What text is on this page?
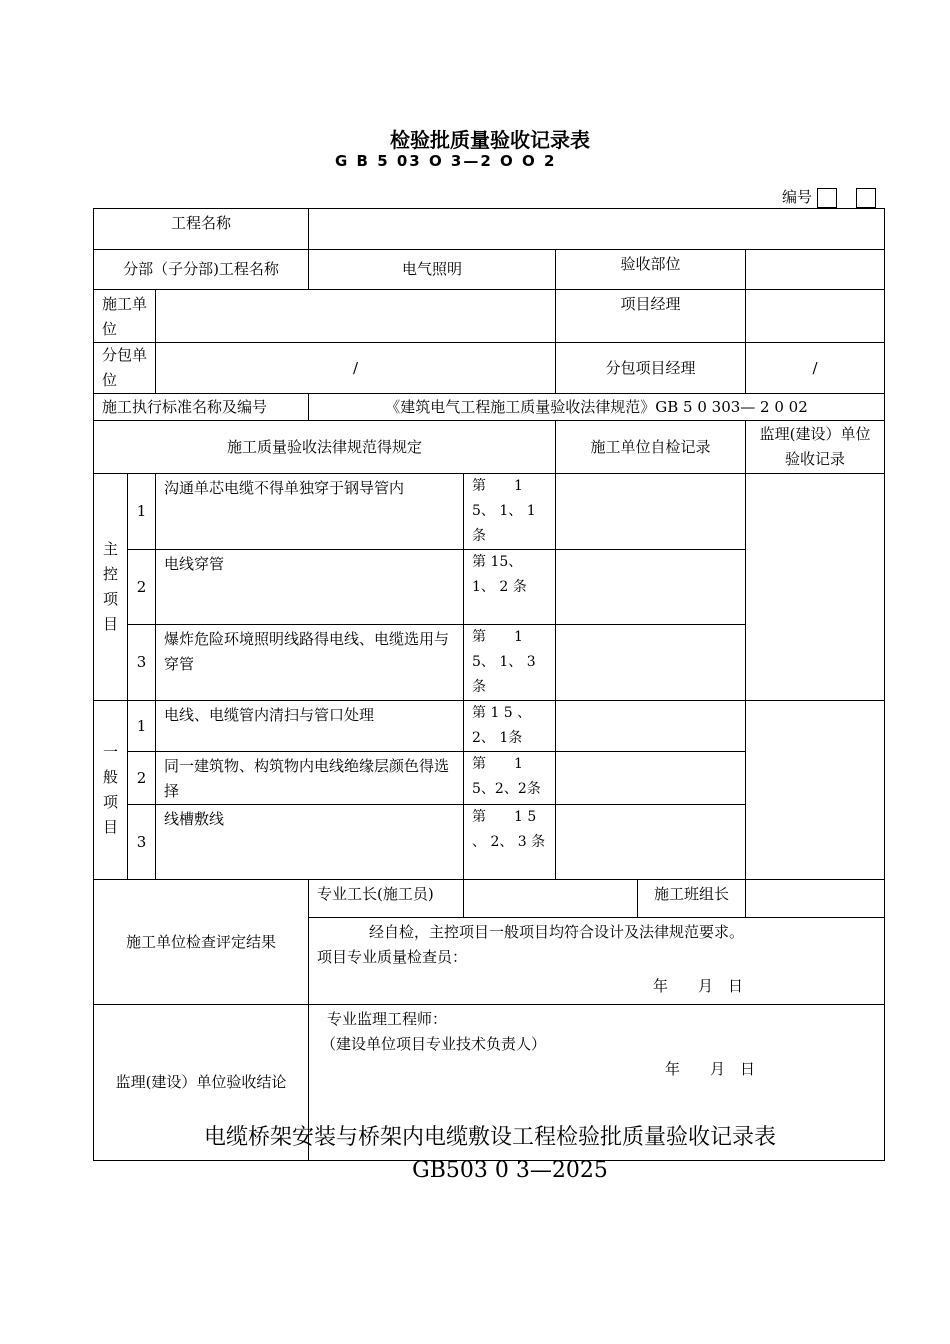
检验批质量验收记录表
G B 5 03 O 3—2 O O 2
编号
工程名称							
分部（子分部)工程名称			电气照明		验收部位		
施工单位					项目经理		
分包单位		/			分包项目经理		/
施工执行标准名称及编号			《建筑电气工程施工质量验收法律规范》GB 5 0 303— 2 0 02				
施工质量验收法律规范得规定					施工单位自检记录		监理(建设）单位验收记录

主控项目	1	沟通单芯电缆不得单独穿于钢导管内		第　　1 5、 1、 1 条			
	2	电线穿管		第 15、 1、 2 条			
	3	爆炸危险环境照明线路得电线、电缆选用与穿管		第　　1 5、 1、 3 条			

一般项目	1	电线、电缆管内清扫与管口处理		第 1 5 、 2、 1条			
	2	同一建筑物、构筑物内电线绝缘层颜色得选择		第　　1 5、2、2条			
	3	线槽敷线		第　　1 5 、 2、 3 条			
施工单位检查评定结果			专业工长(施工员)			施工班组长	

			经自检，主控项目一般项目均符合设计及法律规范要求。
项目专业质量检查员：
年　　月　日				

监理(建设）单位验收结论			专业监理工程师：
（建设单位项目专业技术负责人）
年　　月　日				
电缆桥架安装与桥架内电缆敷设工程检验批质量验收记录表
GB503 0 3—2025
